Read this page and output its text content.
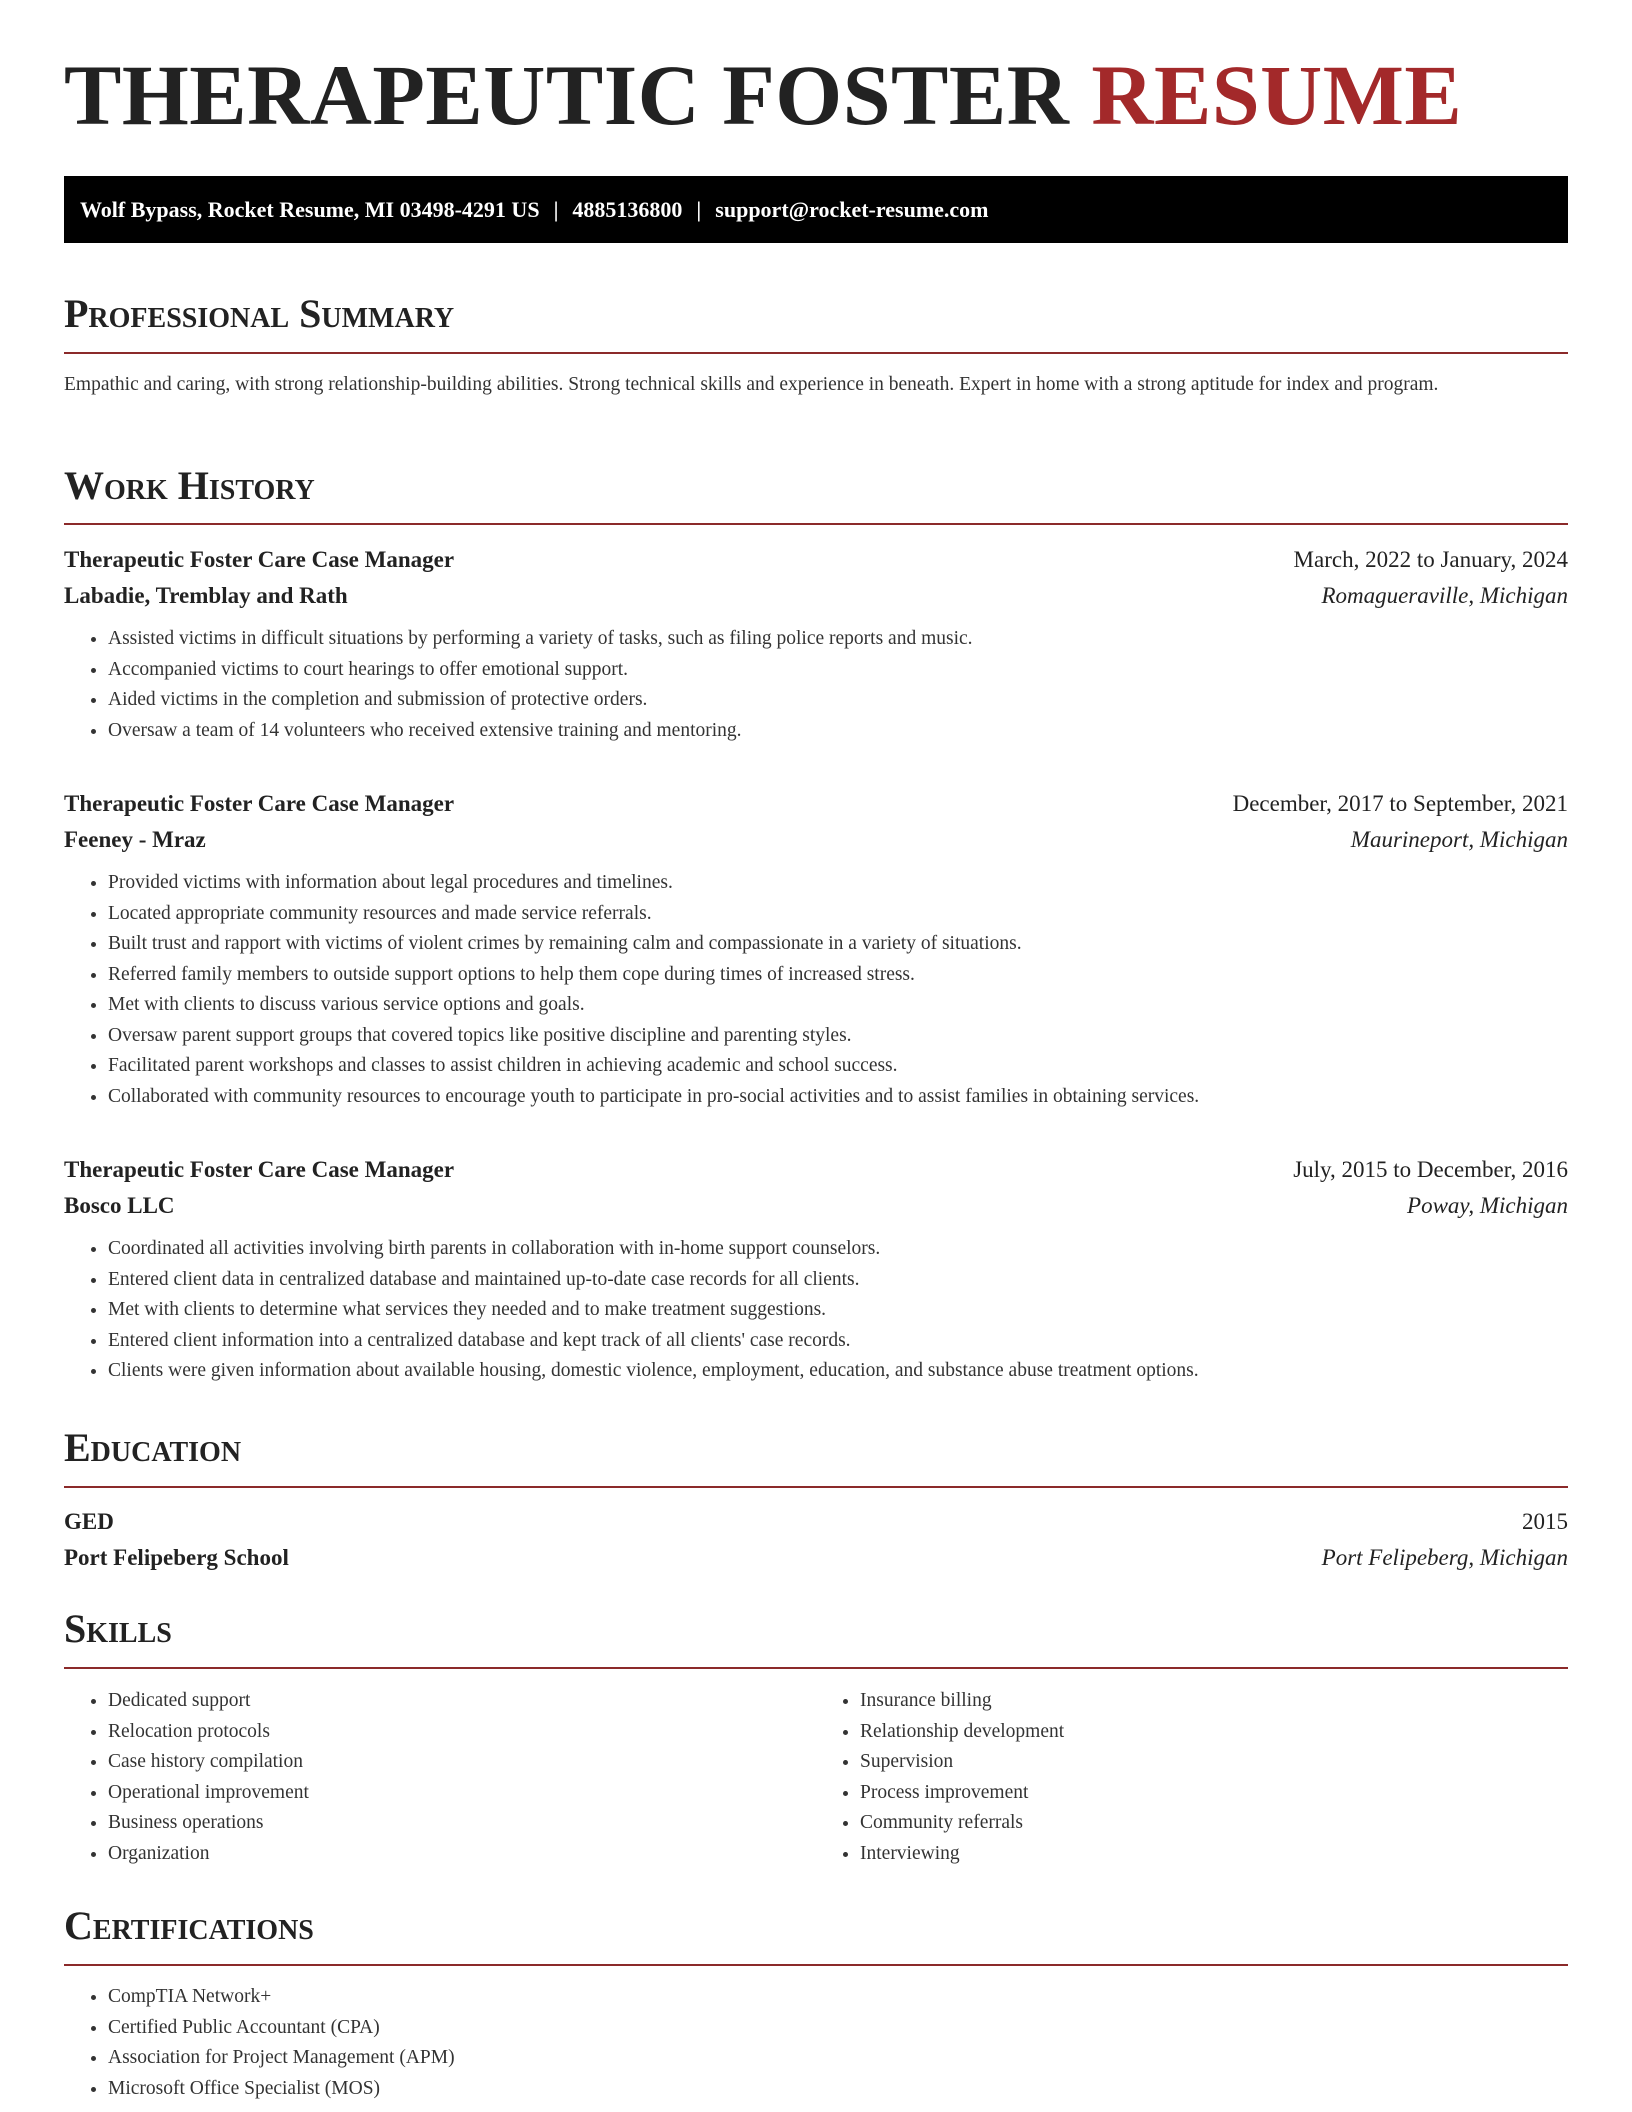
THERAPEUTIC FOSTER RESUME
Wolf Bypass, Rocket Resume, MI 03498-4291 US | 4885136800 | support@rocket-resume.com
Professional Summary
Empathic and caring, with strong relationship-building abilities. Strong technical skills and experience in beneath. Expert in home with a strong aptitude for index and program.
Work History
Therapeutic Foster Care Case Manager	March, 2022 to January, 2024
Labadie, Tremblay and Rath	Romagueraville, Michigan
• Assisted victims in difficult situations by performing a variety of tasks, such as filing police reports and music.
• Accompanied victims to court hearings to offer emotional support.
• Aided victims in the completion and submission of protective orders.
• Oversaw a team of 14 volunteers who received extensive training and mentoring.
Therapeutic Foster Care Case Manager	December, 2017 to September, 2021
Feeney - Mraz	Maurineport, Michigan
• Provided victims with information about legal procedures and timelines.
• Located appropriate community resources and made service referrals.
• Built trust and rapport with victims of violent crimes by remaining calm and compassionate in a variety of situations.
• Referred family members to outside support options to help them cope during times of increased stress.
• Met with clients to discuss various service options and goals.
• Oversaw parent support groups that covered topics like positive discipline and parenting styles.
• Facilitated parent workshops and classes to assist children in achieving academic and school success.
• Collaborated with community resources to encourage youth to participate in pro-social activities and to assist families in obtaining services.
Therapeutic Foster Care Case Manager	July, 2015 to December, 2016
Bosco LLC	Poway, Michigan
• Coordinated all activities involving birth parents in collaboration with in-home support counselors.
• Entered client data in centralized database and maintained up-to-date case records for all clients.
• Met with clients to determine what services they needed and to make treatment suggestions.
• Entered client information into a centralized database and kept track of all clients' case records.
• Clients were given information about available housing, domestic violence, employment, education, and substance abuse treatment options.
Education
GED	2015
Port Felipeberg School	Port Felipeberg, Michigan
Skills
• Dedicated support
• Relocation protocols
• Case history compilation
• Operational improvement
• Business operations
• Organization
• Insurance billing
• Relationship development
• Supervision
• Process improvement
• Community referrals
• Interviewing
Certifications
• CompTIA Network+
• Certified Public Accountant (CPA)
• Association for Project Management (APM)
• Microsoft Office Specialist (MOS)
